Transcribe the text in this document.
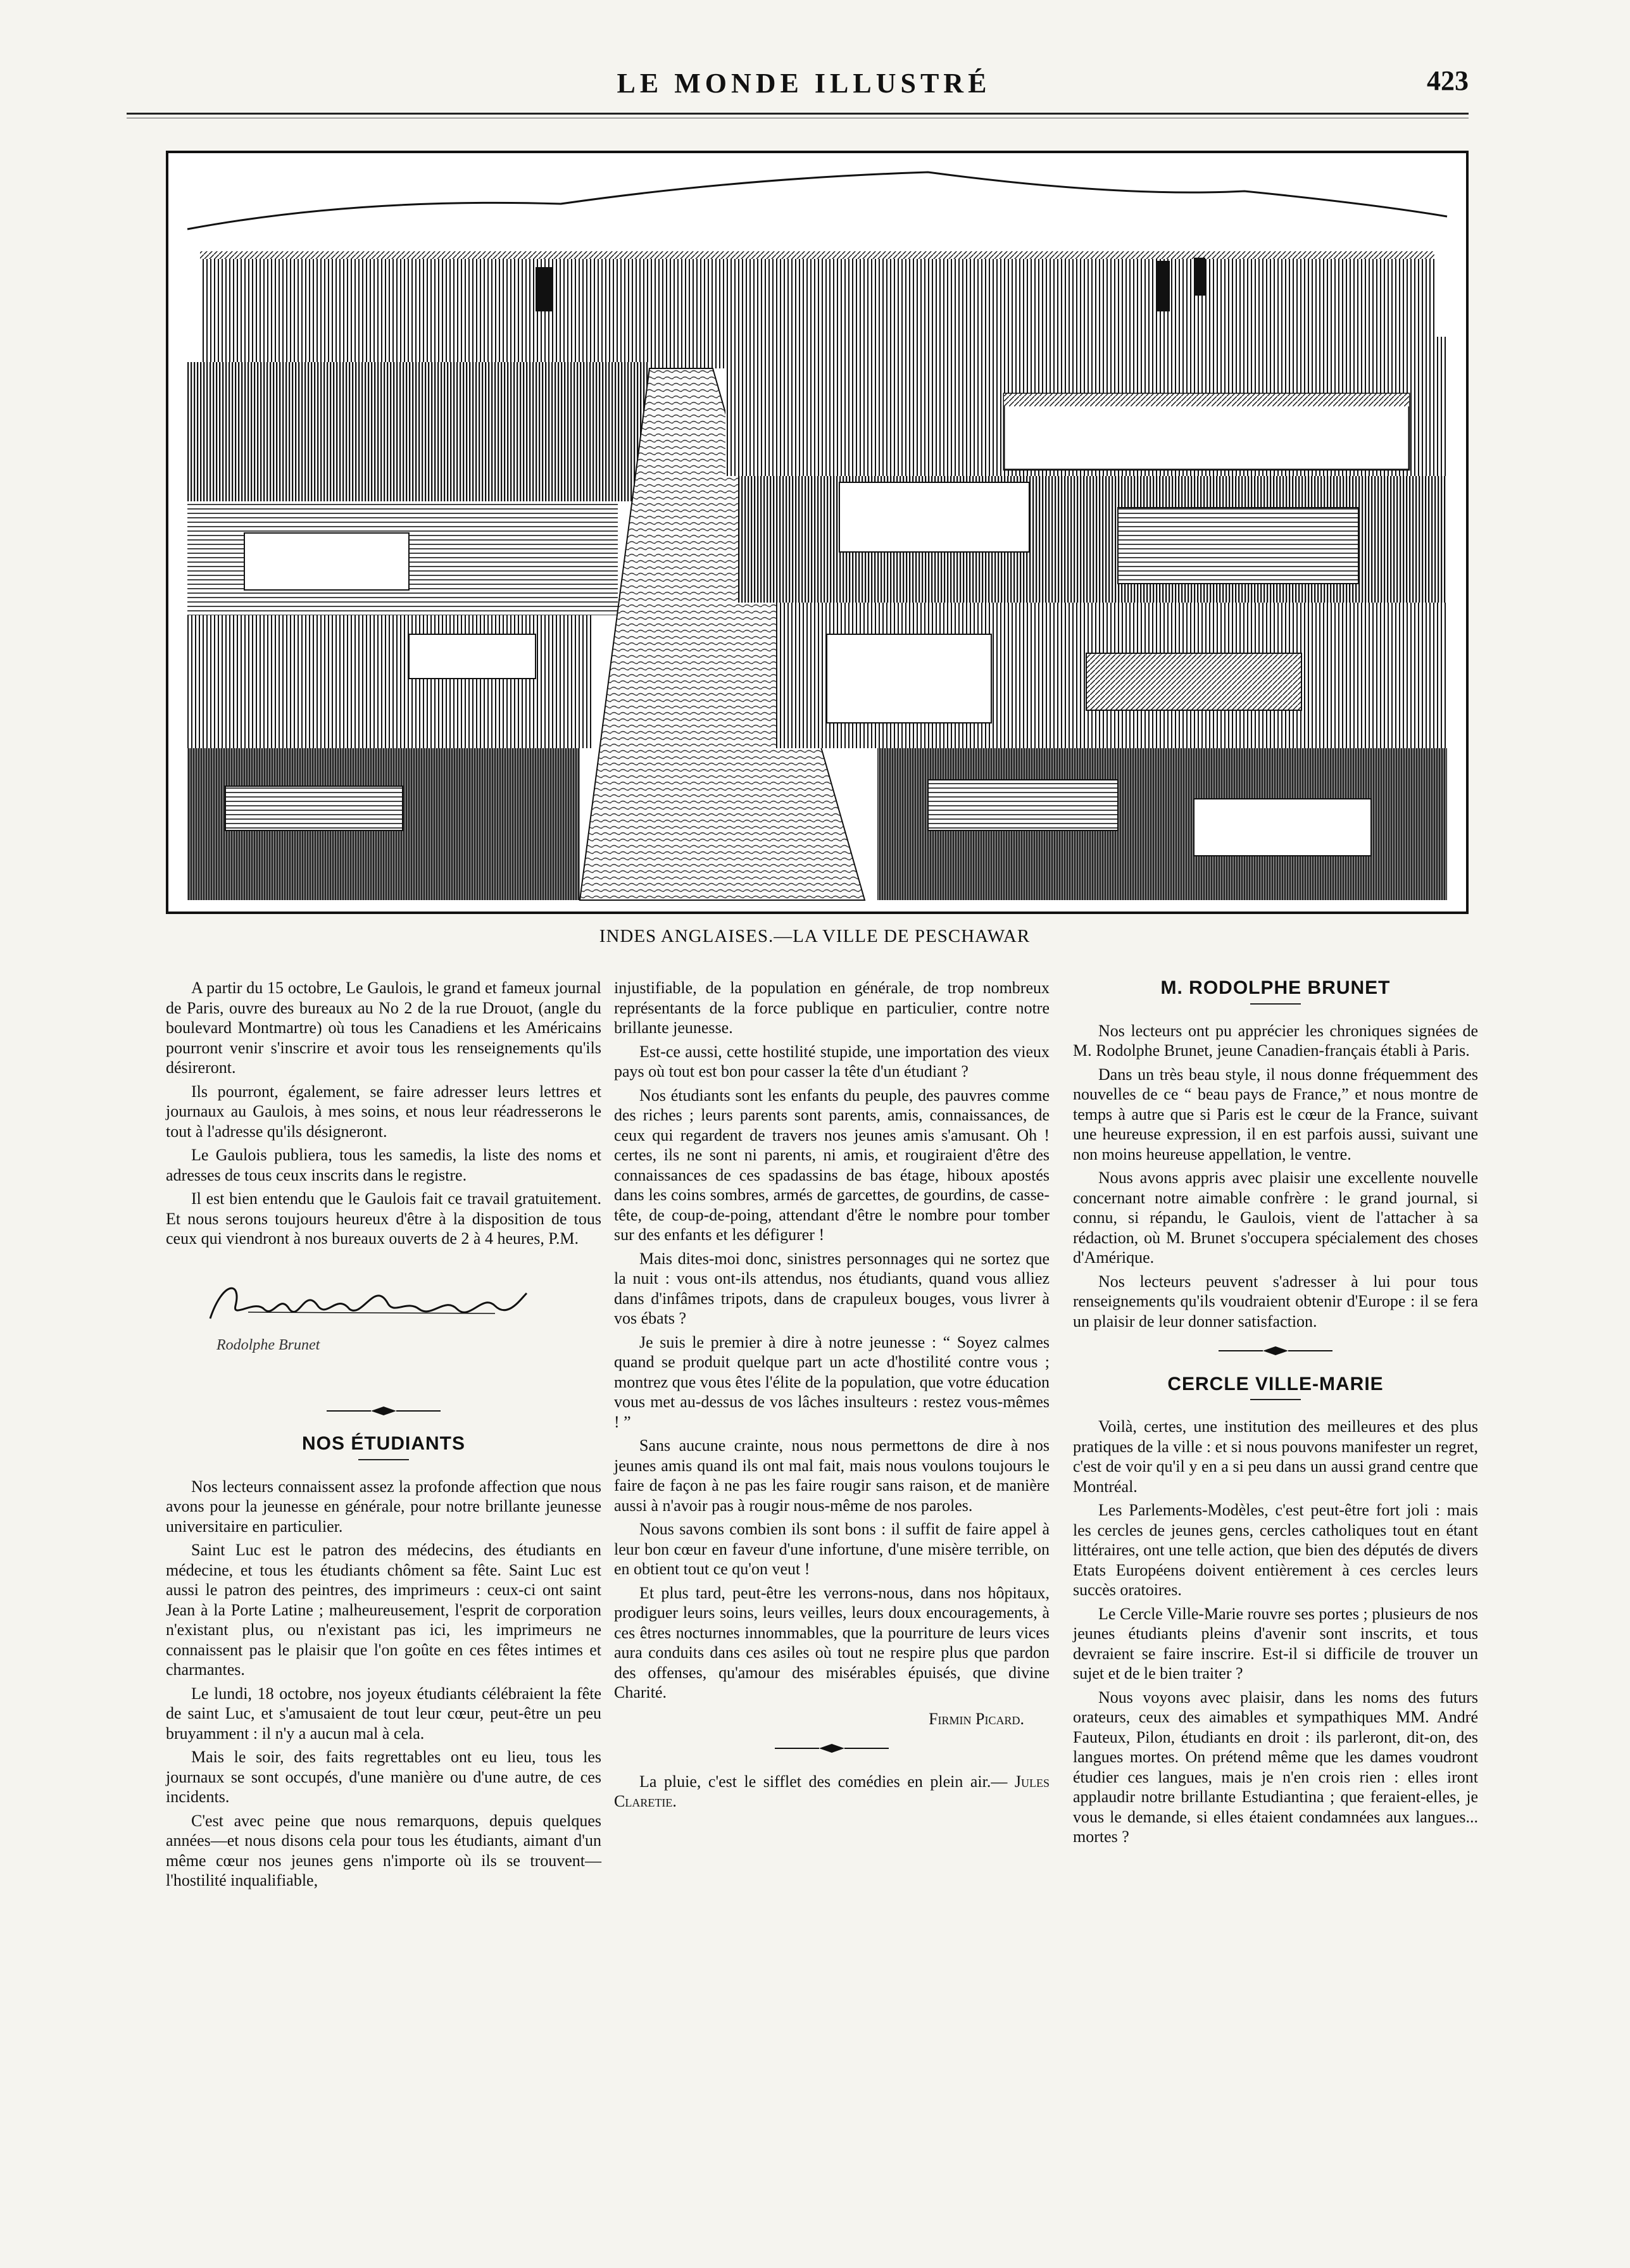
LE MONDE ILLUSTRÉ	423
INDES ANGLAISES.—LA VILLE DE PESCHAWAR

A partir du 15 octobre, Le Gaulois, le grand et fameux journal de Paris, ouvre des bureaux au No 2 de la rue Drouot, (angle du boulevard Montmartre) où tous les Canadiens et les Américains pourront venir s'inscrire et avoir tous les renseignements qu'ils désireront.

Ils pourront, également, se faire adresser leurs lettres et journaux au Gaulois, à mes soins, et nous leur réadresserons le tout à l'adresse qu'ils désigneront.

Le Gaulois publiera, tous les samedis, la liste des noms et adresses de tous ceux inscrits dans le registre.

Il est bien entendu que le Gaulois fait ce travail gratuitement. Et nous serons toujours heureux d'être à la disposition de tous ceux qui viendront à nos bureaux ouverts de 2 à 4 heures, P.M.

Rodolphe Brunet
NOS ÉTUDIANTS

Nos lecteurs connaissent assez la profonde affection que nous avons pour la jeunesse en générale, pour notre brillante jeunesse universitaire en particulier.

Saint Luc est le patron des médecins, des étudiants en médecine, et tous les étudiants chôment sa fête. Saint Luc est aussi le patron des peintres, des imprimeurs : ceux-ci ont saint Jean à la Porte Latine ; malheureusement, l'esprit de corporation n'existant plus, ou n'existant pas ici, les imprimeurs ne connaissent pas le plaisir que l'on goûte en ces fêtes intimes et charmantes.

Le lundi, 18 octobre, nos joyeux étudiants célébraient la fête de saint Luc, et s'amusaient de tout leur cœur, peut-être un peu bruyamment : il n'y a aucun mal à cela.

Mais le soir, des faits regrettables ont eu lieu, tous les journaux se sont occupés, d'une manière ou d'une autre, de ces incidents.

C'est avec peine que nous remarquons, depuis quelques années—et nous disons cela pour tous les étudiants, aimant d'un même cœur nos jeunes gens n'importe où ils se trouvent—l'hostilité inqualifiable,

injustifiable, de la population en générale, de trop nombreux représentants de la force publique en particulier, contre notre brillante jeunesse.

Est-ce aussi, cette hostilité stupide, une importation des vieux pays où tout est bon pour casser la tête d'un étudiant ?

Nos étudiants sont les enfants du peuple, des pauvres comme des riches ; leurs parents sont parents, amis, connaissances, de ceux qui regardent de travers nos jeunes amis s'amusant. Oh ! certes, ils ne sont ni parents, ni amis, et rougiraient d'être des connaissances de ces spadassins de bas étage, hiboux apostés dans les coins sombres, armés de garcettes, de gourdins, de casse-tête, de coup-de-poing, attendant d'être le nombre pour tomber sur des enfants et les défigurer !

Mais dites-moi donc, sinistres personnages qui ne sortez que la nuit : vous ont-ils attendus, nos étudiants, quand vous alliez dans d'infâmes tripots, dans de crapuleux bouges, vous livrer à vos ébats ?

Je suis le premier à dire à notre jeunesse : “ Soyez calmes quand se produit quelque part un acte d'hostilité contre vous ; montrez que vous êtes l'élite de la population, que votre éducation vous met au-dessus de vos lâches insulteurs : restez vous-mêmes ! ”

Sans aucune crainte, nous nous permettons de dire à nos jeunes amis quand ils ont mal fait, mais nous voulons toujours le faire de façon à ne pas les faire rougir sans raison, et de manière aussi à n'avoir pas à rougir nous-même de nos paroles.

Nous savons combien ils sont bons : il suffit de faire appel à leur bon cœur en faveur d'une infortune, d'une misère terrible, on en obtient tout ce qu'on veut !

Et plus tard, peut-être les verrons-nous, dans nos hôpitaux, prodiguer leurs soins, leurs veilles, leurs doux encouragements, à ces êtres nocturnes innommables, que la pourriture de leurs vices aura conduits dans ces asiles où tout ne respire plus que pardon des offenses, qu'amour des misérables épuisés, que divine Charité.

Firmin Picard.

La pluie, c'est le sifflet des comédies en plein air.— Jules Claretie.

M. RODOLPHE BRUNET

Nos lecteurs ont pu apprécier les chroniques signées de M. Rodolphe Brunet, jeune Canadien-français établi à Paris.

Dans un très beau style, il nous donne fréquemment des nouvelles de ce “ beau pays de France,” et nous montre de temps à autre que si Paris est le cœur de la France, suivant une heureuse expression, il en est parfois aussi, suivant une non moins heureuse appellation, le ventre.

Nous avons appris avec plaisir une excellente nouvelle concernant notre aimable confrère : le grand journal, si connu, si répandu, le Gaulois, vient de l'attacher à sa rédaction, où M. Brunet s'occupera spécialement des choses d'Amérique.

Nos lecteurs peuvent s'adresser à lui pour tous renseignements qu'ils voudraient obtenir d'Europe : il se fera un plaisir de leur donner satisfaction.

CERCLE VILLE-MARIE

Voilà, certes, une institution des meilleures et des plus pratiques de la ville : et si nous pouvons manifester un regret, c'est de voir qu'il y en a si peu dans un aussi grand centre que Montréal.

Les Parlements-Modèles, c'est peut-être fort joli : mais les cercles de jeunes gens, cercles catholiques tout en étant littéraires, ont une telle action, que bien des députés de divers Etats Européens doivent entièrement à ces cercles leurs succès oratoires.

Le Cercle Ville-Marie rouvre ses portes ; plusieurs de nos jeunes étudiants pleins d'avenir sont inscrits, et tous devraient se faire inscrire. Est-il si difficile de trouver un sujet et de le bien traiter ?

Nous voyons avec plaisir, dans les noms des futurs orateurs, ceux des aimables et sympathiques MM. André Fauteux, Pilon, étudiants en droit : ils parleront, dit-on, des langues mortes. On prétend même que les dames voudront étudier ces langues, mais je n'en crois rien : elles iront applaudir notre brillante Estudiantina ; que feraient-elles, je vous le demande, si elles étaient condamnées aux langues... mortes ?
